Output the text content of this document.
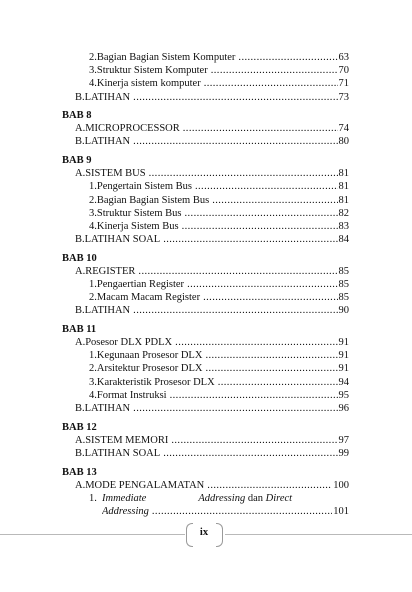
2. Bagian Bagian Sistem Komputer .....	63
3. Struktur Sistem Komputer .....	70
4. Kinerja sistem komputer .....	71
B. LATIHAN .....	73
BAB 8
A. MICROPROCESSOR .....	74
B. LATIHAN .....	80
BAB 9
A. SISTEM BUS .....	81
1. Pengertain Sistem Bus .....	81
2. Bagian Bagian Sistem Bus .....	81
3. Struktur Sistem Bus .....	82
4. Kinerja Sistem Bus .....	83
B. LATIHAN SOAL .....	84
BAB 10
A. REGISTER .....	85
1. Pengaertian Register .....	85
2. Macam Macam Register .....	85
B. LATIHAN .....	90
BAB 11
A. Posesor DLX PDLX .....	91
1. Kegunaan Prosesor DLX .....	91
2. Arsitektur Prosesor DLX .....	91
3. Karakteristik Prosesor DLX .....	94
4. Format Instruksi .....	95
B. LATIHAN .....	96
BAB 12
A. SISTEM MEMORI .....	97
B. LATIHAN SOAL .....	99
BAB 13
A. MODE PENGALAMATAN .....	100
1. Immediate	Addressing dan Direct
Addressing .....	101
ix
